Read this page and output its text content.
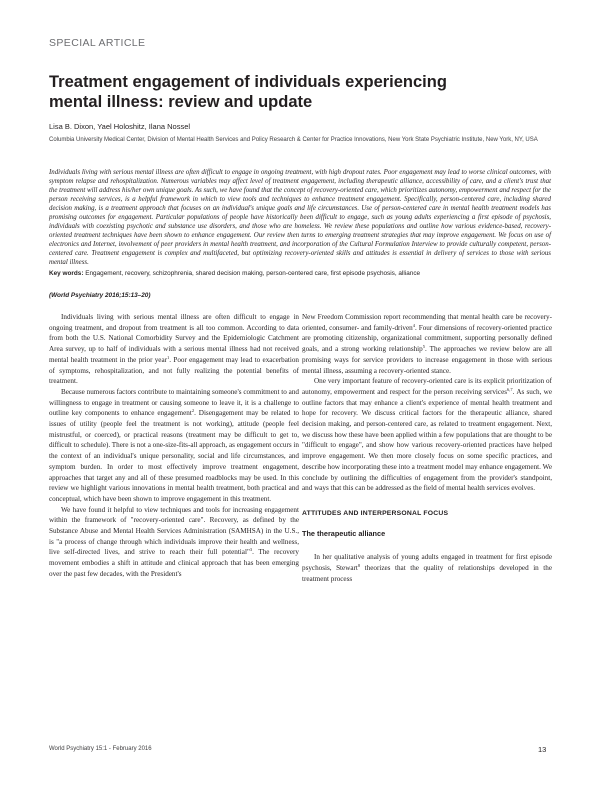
SPECIAL ARTICLE
Treatment engagement of individuals experiencing
mental illness: review and update
Lisa B. Dixon, Yael Holoshitz, Ilana Nossel
Columbia University Medical Center, Division of Mental Health Services and Policy Research & Center for Practice Innovations, New York State Psychiatric Institute, New York, NY, USA
Individuals living with serious mental illness are often difficult to engage in ongoing treatment, with high dropout rates. Poor engagement may lead to worse clinical outcomes, with symptom relapse and rehospitalization. Numerous variables may affect level of treatment engagement, including therapeutic alliance, accessibility of care, and a client's trust that the treatment will address his/her own unique goals. As such, we have found that the concept of recovery-oriented care, which prioritizes autonomy, empowerment and respect for the person receiving services, is a helpful framework in which to view tools and techniques to enhance treatment engagement. Specifically, person-centered care, including shared decision making, is a treatment approach that focuses on an individual's unique goals and life circumstances. Use of person-centered care in mental health treatment models has promising outcomes for engagement. Particular populations of people have historically been difficult to engage, such as young adults experiencing a first episode of psychosis, individuals with coexisting psychotic and substance use disorders, and those who are homeless. We review these populations and outline how various evidence-based, recovery-oriented treatment techniques have been shown to enhance engagement. Our review then turns to emerging treatment strategies that may improve engagement. We focus on use of electronics and Internet, involvement of peer providers in mental health treatment, and incorporation of the Cultural Formulation Interview to provide culturally competent, person-centered care. Treatment engagement is complex and multifaceted, but optimizing recovery-oriented skills and attitudes is essential in delivery of services to those with serious mental illness.
Key words: Engagement, recovery, schizophrenia, shared decision making, person-centered care, first episode psychosis, alliance
(World Psychiatry 2016;15:13–20)

Individuals living with serious mental illness are often difficult to engage in ongoing treatment, and dropout from treatment is all too common. According to data from both the U.S. National Comorbidity Survey and the Epidemiologic Catchment Area survey, up to half of individuals with a serious mental illness had not received mental health treatment in the prior year$^1$. Poor engagement may lead to exacerbation of symptoms, rehospitalization, and not fully realizing the potential benefits of treatment.

Because numerous factors contribute to maintaining someone's commitment to and willingness to engage in treatment or causing someone to leave it, it is a challenge to outline key components to enhance engagement$^2$. Disengagement may be related to issues of utility (people feel the treatment is not working), attitude (people feel mistrustful, or coerced), or practical reasons (treatment may be difficult to get to, difficult to schedule). There is not a one-size-fits-all approach, as engagement occurs in the context of an individual's unique personality, social and life circumstances, and symptom burden. In order to most effectively improve treatment engagement, approaches that target any and all of these presumed roadblocks may be used. In this review we highlight various innovations in mental health treatment, both practical and conceptual, which have been shown to improve engagement in this treatment.

We have found it helpful to view techniques and tools for increasing engagement within the framework of "recovery-oriented care". Recovery, as defined by the Substance Abuse and Mental Health Services Administration (SAMHSA) in the U.S., is "a process of change through which individuals improve their health and wellness, live self-directed lives, and strive to reach their full potential"$^3$. The recovery movement embodies a shift in attitude and clinical approach that has been emerging over the past few decades, with the President's

New Freedom Commission report recommending that mental health care be recovery-oriented, consumer- and family-driven$^4$. Four dimensions of recovery-oriented practice are promoting citizenship, organizational commitment, supporting personally defined goals, and a strong working relationship$^5$. The approaches we review below are all promising ways for service providers to increase engagement in those with serious mental illness, assuming a recovery-oriented stance.

One very important feature of recovery-oriented care is its explicit prioritization of autonomy, empowerment and respect for the person receiving services$^{6,7}$. As such, we outline factors that may enhance a client's experience of mental health treatment and hope for recovery. We discuss critical factors for the therapeutic alliance, shared decision making, and person-centered care, as related to treatment engagement. Next, we discuss how these have been applied within a few populations that are thought to be "difficult to engage", and show how various recovery-oriented practices have helped improve engagement. We then more closely focus on some specific practices, and describe how incorporating these into a treatment model may enhance engagement. We conclude by outlining the difficulties of engagement from the provider's standpoint, and ways that this can be addressed as the field of mental health services evolves.

ATTITUDES AND INTERPERSONAL FOCUS

The therapeutic alliance

In her qualitative analysis of young adults engaged in treatment for first episode psychosis, Stewart$^8$ theorizes that the quality of relationships developed in the treatment process

World Psychiatry 15:1 - February 2016	13
